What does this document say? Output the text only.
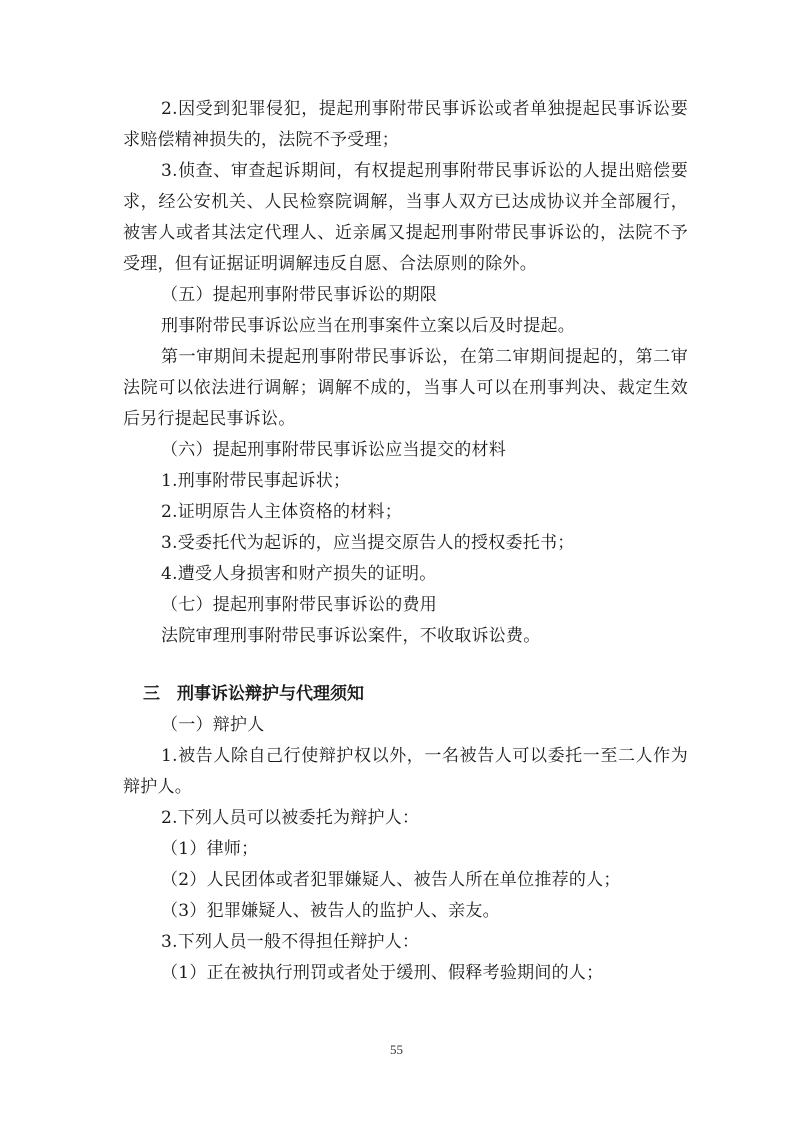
2.因受到犯罪侵犯，提起刑事附带民事诉讼或者单独提起民事诉讼要求赔偿精神损失的，法院不予受理；

3.侦查、审查起诉期间，有权提起刑事附带民事诉讼的人提出赔偿要求，经公安机关、人民检察院调解，当事人双方已达成协议并全部履行，被害人或者其法定代理人、近亲属又提起刑事附带民事诉讼的，法院不予受理，但有证据证明调解违反自愿、合法原则的除外。

（五）提起刑事附带民事诉讼的期限

刑事附带民事诉讼应当在刑事案件立案以后及时提起。

第一审期间未提起刑事附带民事诉讼，在第二审期间提起的，第二审法院可以依法进行调解；调解不成的，当事人可以在刑事判决、裁定生效后另行提起民事诉讼。

（六）提起刑事附带民事诉讼应当提交的材料

1.刑事附带民事起诉状；

2.证明原告人主体资格的材料；

3.受委托代为起诉的，应当提交原告人的授权委托书；

4.遭受人身损害和财产损失的证明。

（七）提起刑事附带民事诉讼的费用

法院审理刑事附带民事诉讼案件，不收取诉讼费。

三　刑事诉讼辩护与代理须知

（一）辩护人

1.被告人除自己行使辩护权以外，一名被告人可以委托一至二人作为辩护人。

2.下列人员可以被委托为辩护人：

（1）律师；

（2）人民团体或者犯罪嫌疑人、被告人所在单位推荐的人；

（3）犯罪嫌疑人、被告人的监护人、亲友。

3.下列人员一般不得担任辩护人：

（1）正在被执行刑罚或者处于缓刑、假释考验期间的人；

55
